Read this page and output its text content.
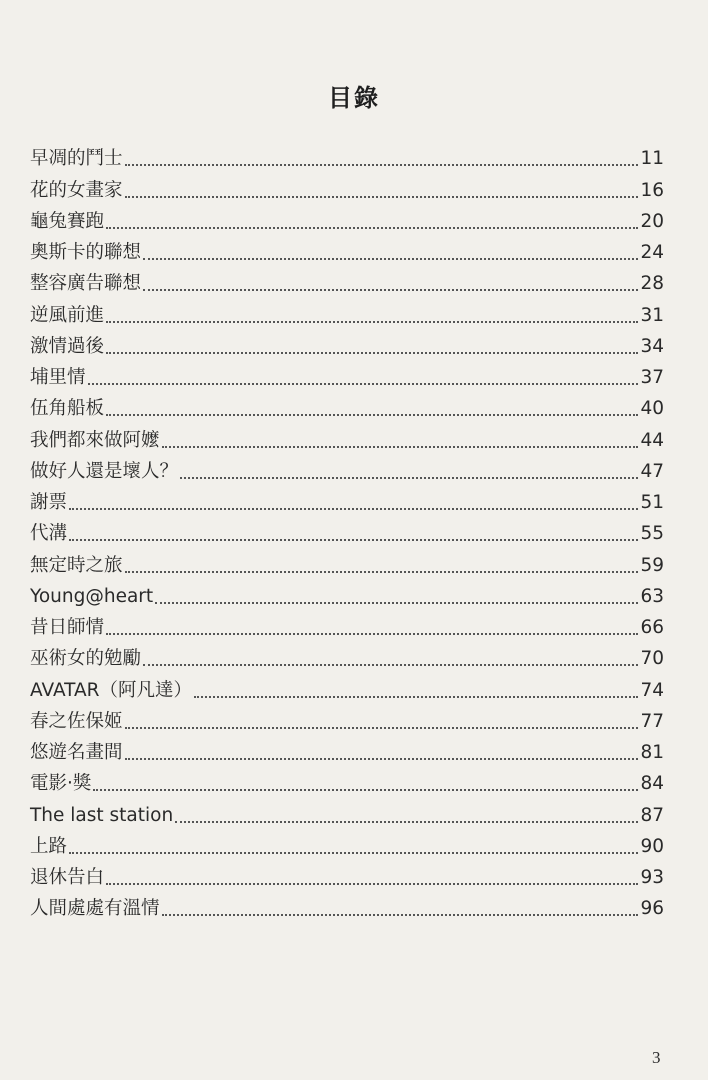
目錄
早凋的鬥士	11
花的女畫家	16
龜兔賽跑	20
奧斯卡的聯想	24
整容廣告聯想	28
逆風前進	31
激情過後	34
埔里情	37
伍角船板	40
我們都來做阿嬤	44
做好人還是壞人？	47
謝票	51
代溝	55
無定時之旅	59
Young@heart	63
昔日師情	66
巫術女的勉勵	70
AVATAR（阿凡達）	74
春之佐保姬	77
悠遊名畫間	81
電影·獎	84
The last station	87
上路	90
退休告白	93
人間處處有溫情	96
3
